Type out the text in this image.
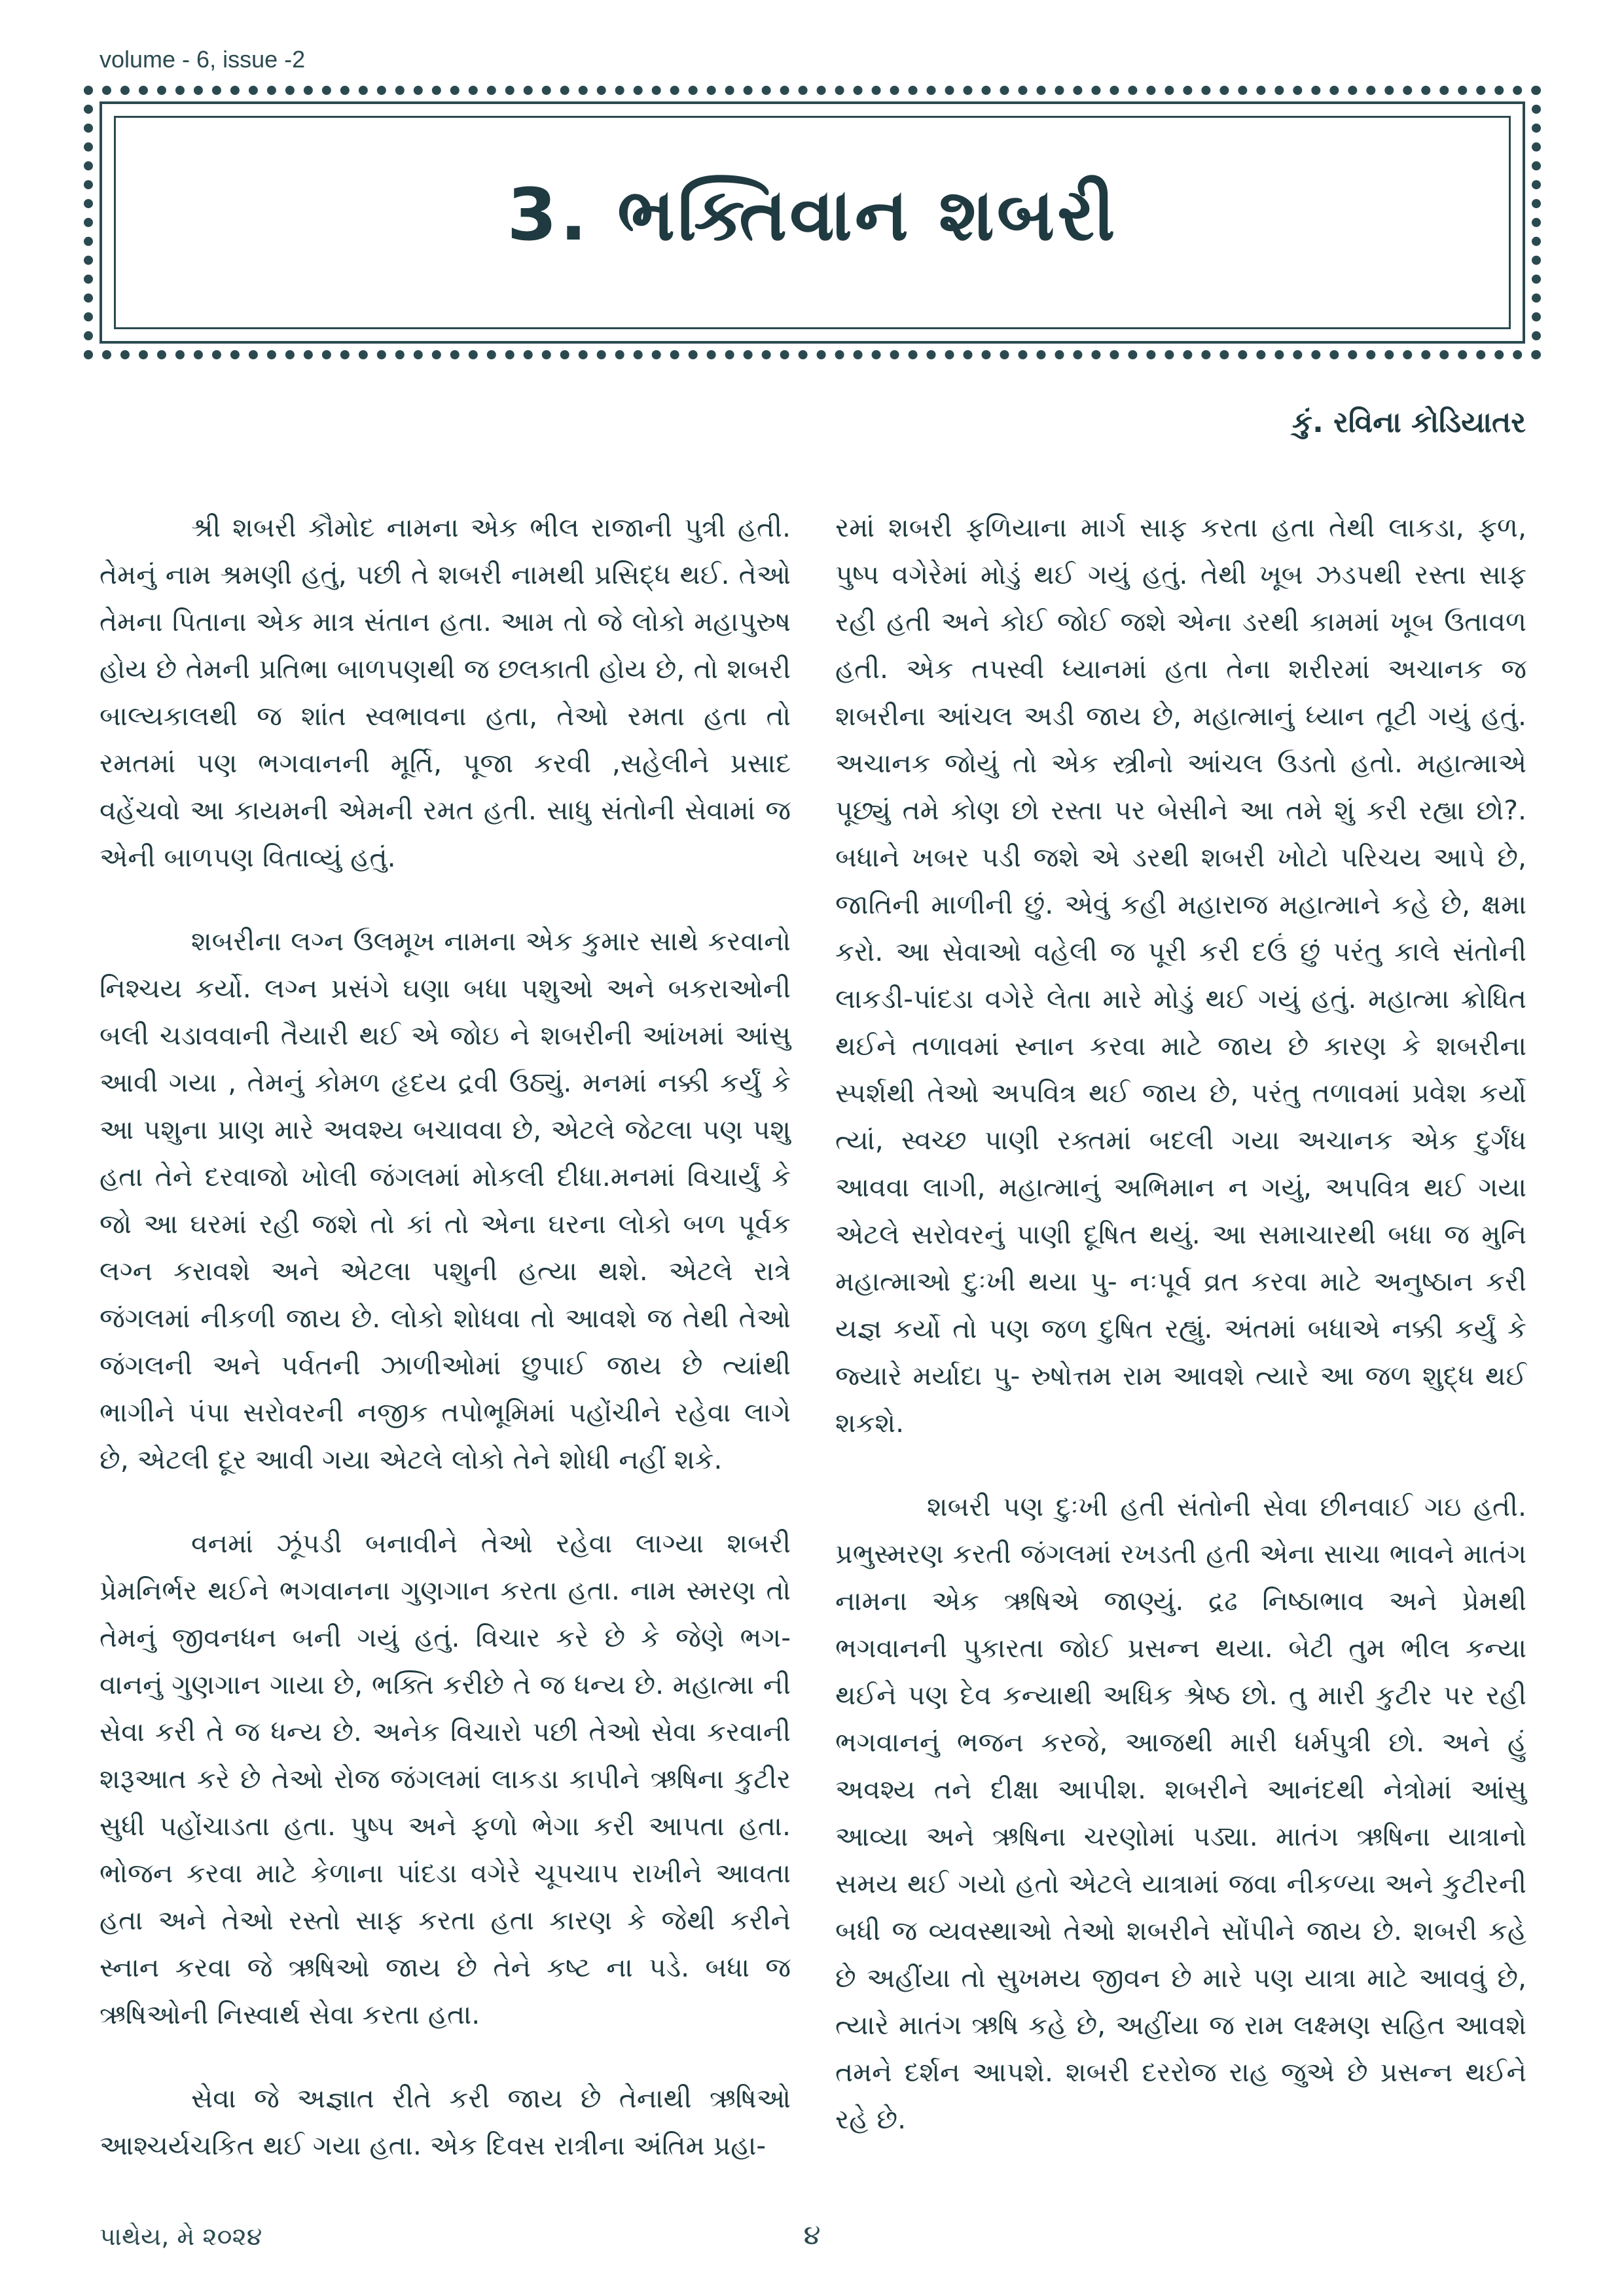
volume - 6, issue -2
3. ભક્તિવાન શબરી
કું. રવિના કોડિયાતર

શ્રી શબરી કૌમોદ નામના એક ભીલ રાજાની પુત્રી હતી. તેમનું નામ શ્રમણી હતું, પછી તે શબરી નામથી પ્રસિદ્ધ થઈ. તેઓ તેમના પિતાના એક માત્ર સંતાન હતા. આમ તો જે લોકો મહાપુરુષ હોય છે તેમની પ્રતિભા બાળપણથી જ છલકાતી હોય છે, તો શબરી બાલ્યકાલથી જ શાંત સ્વભાવના હતા, તેઓ રમતા હતા તો રમતમાં પણ ભગવાનની મૂર્તિ, પૂજા કરવી ,સહેલીને પ્રસાદ વહેંચવો આ કાયમની એમની રમત હતી. સાધુ સંતોની સેવામાં જ એની બાળપણ વિતાવ્યું હતું.

શબરીના લગ્ન ઉલમૂખ નામના એક કુમાર સાથે કરવાનો નિશ્ચય કર્યો. લગ્ન પ્રસંગે ઘણા બધા પશુઓ અને બકરાઓની બલી ચડાવવાની તૈયારી થઈ એ જોઇ ને શબરીની આંખમાં આંસુ આવી ગયા , તેમનું કોમળ હૃદય દ્રવી ઉઠ્યું. મનમાં નક્કી કર્યું કે આ પશુના પ્રાણ મારે અવશ્ય બચાવવા છે, એટલે જેટલા પણ પશુ હતા તેને દરવાજો ખોલી જંગલમાં મોકલી દીધા.મનમાં વિચાર્યું કે જો આ ઘરમાં રહી જશે તો કાં તો એના ઘરના લોકો બળ પૂર્વક લગ્ન કરાવશે અને એટલા પશુની હત્યા થશે. એટલે રાત્રે જંગલમાં નીકળી જાય છે. લોકો શોધવા તો આવશે જ તેથી તેઓ જંગલની અને પર્વતની ઝાળીઓમાં છુપાઈ જાય છે ત્યાંથી ભાગીને પંપા સરોવરની નજીક તપોભૂમિમાં પહોંચીને રહેવા લાગે છે, એટલી દૂર આવી ગયા એટલે લોકો તેને શોધી નહીં શકે.

વનમાં ઝૂંપડી બનાવીને તેઓ રહેવા લાગ્યા શબરી પ્રેમનિર્ભર થઈને ભગવાનના ગુણગાન કરતા હતા. નામ સ્મરણ તો તેમનું જીવનધન બની ગયું હતું. વિચાર કરે છે કે જેણે ભગ- વાનનું ગુણગાન ગાયા છે, ભક્તિ કરીછે તે જ ધન્ય છે. મહાત્મા ની સેવા કરી તે જ ધન્ય છે. અનેક વિચારો પછી તેઓ સેવા કરવાની શરૂઆત કરે છે તેઓ રોજ જંગલમાં લાકડા કાપીને ઋષિના કુટીર સુધી પહોંચાડતા હતા. પુષ્પ અને ફળો ભેગા કરી આપતા હતા. ભોજન કરવા માટે કેળાના પાંદડા વગેરે ચૂપચાપ રાખીને આવતા હતા અને તેઓ રસ્તો સાફ કરતા હતા કારણ કે જેથી કરીને સ્નાન કરવા જે ઋષિઓ જાય છે તેને કષ્ટ ના પડે. બધા જ ઋષિઓની નિસ્વાર્થ સેવા કરતા હતા.

સેવા જે અજ્ઞાત રીતે કરી જાય છે તેનાથી ઋષિઓ આશ્ચર્યચકિત થઈ ગયા હતા. એક દિવસ રાત્રીના અંતિમ પ્રહા-

રમાં શબરી ફળિયાના માર્ગ સાફ કરતા હતા તેથી લાકડા, ફળ, પુષ્પ વગેરેમાં મોડું થઈ ગયું હતું. તેથી ખૂબ ઝડપથી રસ્તા સાફ રહી હતી અને કોઈ જોઈ જશે એના ડરથી કામમાં ખૂબ ઉતાવળ હતી. એક તપસ્વી ધ્યાનમાં હતા તેના શરીરમાં અચાનક જ શબરીના આંચલ અડી જાય છે, મહાત્માનું ધ્યાન તૂટી ગયું હતું. અચાનક જોયું તો એક સ્ત્રીનો આંચલ ઉડતો હતો. મહાત્માએ પૂછ્યું તમે કોણ છો રસ્તા પર બેસીને આ તમે શું કરી રહ્યા છો?. બધાને ખબર પડી જશે એ ડરથી શબરી ખોટો પરિચય આપે છે, જાતિની માળીની છું. એવું કહી મહારાજ મહાત્માને કહે છે, ક્ષમા કરો. આ સેવાઓ વહેલી જ પૂરી કરી દઉં છું પરંતુ કાલે સંતોની લાકડી-પાંદડા વગેરે લેતા મારે મોડું થઈ ગયું હતું. મહાત્મા ક્રોધિત થઈને તળાવમાં સ્નાન કરવા માટે જાય છે કારણ કે શબરીના સ્પર્શથી તેઓ અપવિત્ર થઈ જાય છે, પરંતુ તળાવમાં પ્રવેશ કર્યો ત્યાં, સ્વચ્છ પાણી રક્તમાં બદલી ગયા અચાનક એક દુર્ગંધ આવવા લાગી, મહાત્માનું અભિમાન ન ગયું, અપવિત્ર થઈ ગયા એટલે સરોવરનું પાણી દૂષિત થયું. આ સમાચારથી બધા જ મુનિ મહાત્માઓ દુઃખી થયા પુ- નઃપૂર્વ વ્રત કરવા માટે અનુષ્ઠાન કરી યજ્ઞ કર્યો તો પણ જળ દુષિત રહ્યું. અંતમાં બધાએ નક્કી કર્યું કે જ્યારે મર્યાદા પુ- રુષોત્તમ રામ આવશે ત્યારે આ જળ શુદ્ધ થઈ શકશે.

શબરી પણ દુઃખી હતી સંતોની સેવા છીનવાઈ ગઇ હતી. પ્રભુસ્મરણ કરતી જંગલમાં રખડતી હતી એના સાચા ભાવને માતંગ નામના એક ઋષિએ જાણ્યું. દ્રઢ નિષ્ઠાભાવ અને પ્રેમથી ભગવાનની પુકારતા જોઈ પ્રસન્ન થયા. બેટી તુમ ભીલ કન્યા થઈને પણ દેવ કન્યાથી અધિક શ્રેષ્ઠ છો. તુ મારી કુટીર પર રહી ભગવાનનું ભજન કરજે, આજથી મારી ધર્મપુત્રી છો. અને હું અવશ્ય તને દીક્ષા આપીશ. શબરીને આનંદથી નેત્રોમાં આંસુ આવ્યા અને ઋષિના ચરણોમાં પડ્યા. માતંગ ઋષિના યાત્રાનો સમય થઈ ગયો હતો એટલે યાત્રામાં જવા નીકળ્યા અને કુટીરની બધી જ વ્યવસ્થાઓ તેઓ શબરીને સોંપીને જાય છે. શબરી કહે છે અહીંયા તો સુખમય જીવન છે મારે પણ યાત્રા માટે આવવું છે, ત્યારે માતંગ ઋષિ કહે છે, અહીંયા જ રામ લક્ષ્મણ સહિત આવશે તમને દર્શન આપશે. શબરી દરરોજ રાહ જુએ છે પ્રસન્ન થઈને રહે છે.

પાથેય, મે ૨૦૨૪	૪
